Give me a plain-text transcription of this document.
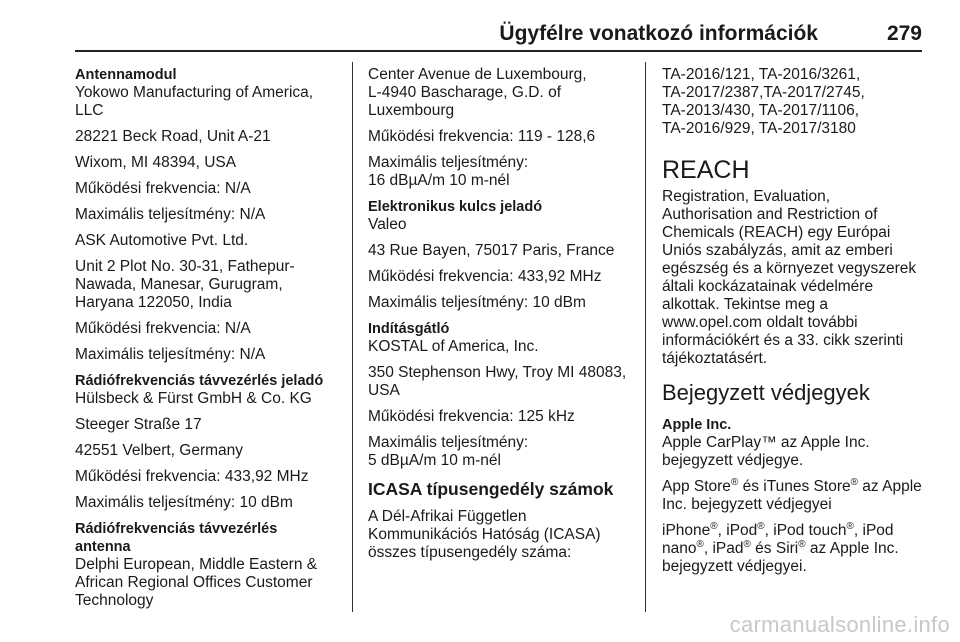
Ügyfélre vonatkozó információk	279

Antennamodul

Yokowo Manufacturing of America,
LLC

28221 Beck Road, Unit A-21

Wixom, MI 48394, USA

Működési frekvencia: N/A

Maximális teljesítmény: N/A

ASK Automotive Pvt. Ltd.

Unit 2 Plot No. 30-31, Fathepur-
Nawada, Manesar, Gurugram,
Haryana 122050, India

Működési frekvencia: N/A

Maximális teljesítmény: N/A

Rádiófrekvenciás távvezérlés jeladó

Hülsbeck & Fürst GmbH & Co. KG

Steeger Straße 17

42551 Velbert, Germany

Működési frekvencia: 433,92 MHz

Maximális teljesítmény: 10 dBm

Rádiófrekvenciás távvezérlés
antenna

Delphi European, Middle Eastern &
African Regional Offices Customer
Technology

Center Avenue de Luxembourg,
L-4940 Bascharage, G.D. of
Luxembourg

Működési frekvencia: 119 - 128,6

Maximális teljesítmény:
16 dBµA/m 10 m-nél

Elektronikus kulcs jeladó

Valeo

43 Rue Bayen, 75017 Paris, France

Működési frekvencia: 433,92 MHz

Maximális teljesítmény: 10 dBm

Indításgátló

KOSTAL of America, Inc.

350 Stephenson Hwy, Troy MI 48083,
USA

Működési frekvencia: 125 kHz

Maximális teljesítmény:
5 dBµA/m 10 m-nél

ICASA típusengedély számok

A Dél-Afrikai Független
Kommunikációs Hatóság (ICASA)
összes típusengedély száma:

TA-2016/121, TA-2016/3261,
TA-2017/2387,TA-2017/2745,
TA-2013/430, TA-2017/1106,
TA-2016/929, TA-2017/3180

REACH

Registration, Evaluation,
Authorisation and Restriction of
Chemicals (REACH) egy Európai
Uniós szabályzás, amit az emberi
egészség és a környezet vegyszerek
általi kockázatainak védelmére
alkottak. Tekintse meg a
www.opel.com oldalt további
információkért és a 33. cikk szerinti
tájékoztatásért.

Bejegyzett védjegyek

Apple Inc.

Apple CarPlay™ az Apple Inc.
bejegyzett védjegye.

App Store® és iTunes Store® az Apple
Inc. bejegyzett védjegyei

iPhone®, iPod®, iPod touch®, iPod
nano®, iPad® és Siri® az Apple Inc.
bejegyzett védjegyei.

carmanualsonline.info
